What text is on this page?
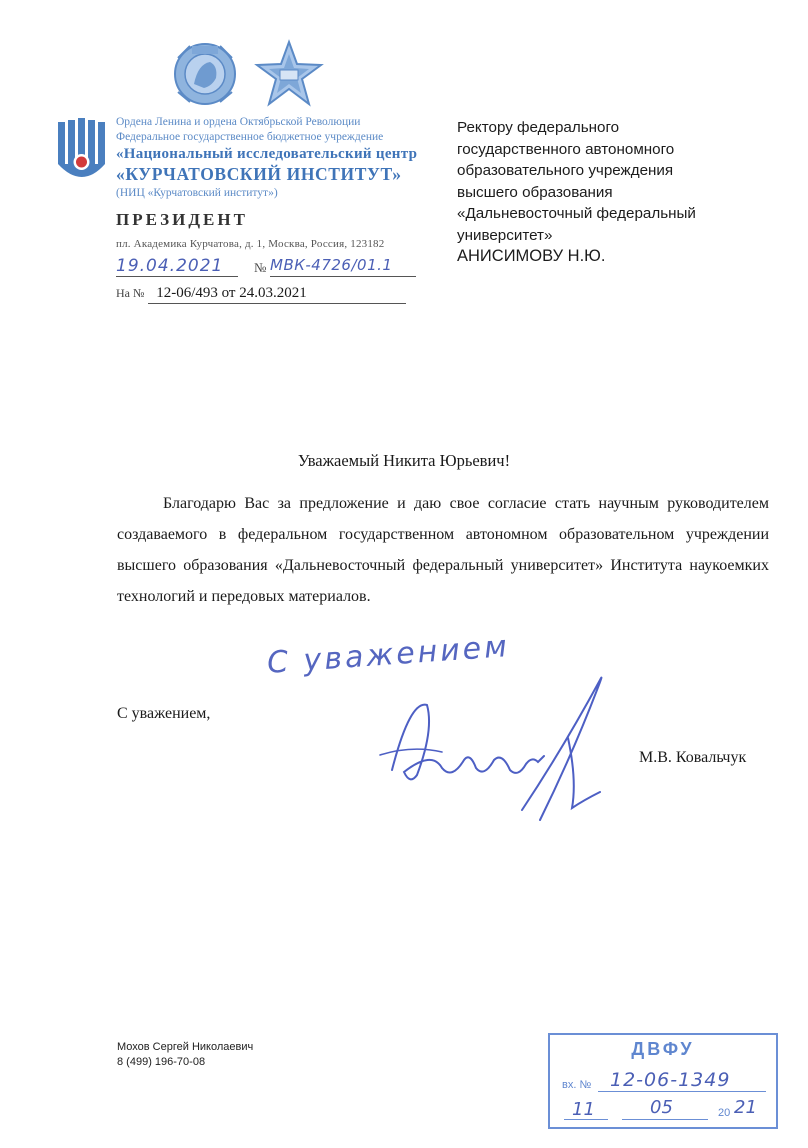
Ордена Ленина и ордена Октябрьской Революции
Федеральное государственное бюджетное учреждение
«Национальный исследовательский центр
«КУРЧАТОВСКИЙ ИНСТИТУТ»
(НИЦ «Курчатовский институт»)
ПРЕЗИДЕНТ
пл. Академика Курчатова, д. 1, Москва, Россия, 123182
19.04.2021 № МВК-4726/01.1
На № 12-06/493 от 24.03.2021
Ректору федерального
государственного автономного
образовательного учреждения
высшего образования
«Дальневосточный федеральный
университет»
АНИСИМОВУ Н.Ю.
Уважаемый Никита Юрьевич!
Благодарю Вас за предложение и даю свое согласие стать научным руководителем создаваемого в федеральном государственном автономном образовательном учреждении высшего образования «Дальневосточный федеральный университет» Института наукоемких технологий и передовых материалов.
С уважением
С уважением,
М.В. Ковальчук
Мохов Сергей Николаевич
8 (499) 196-70-08
ДВФУ
вх. № 12-06-1349
11	05	20 21
